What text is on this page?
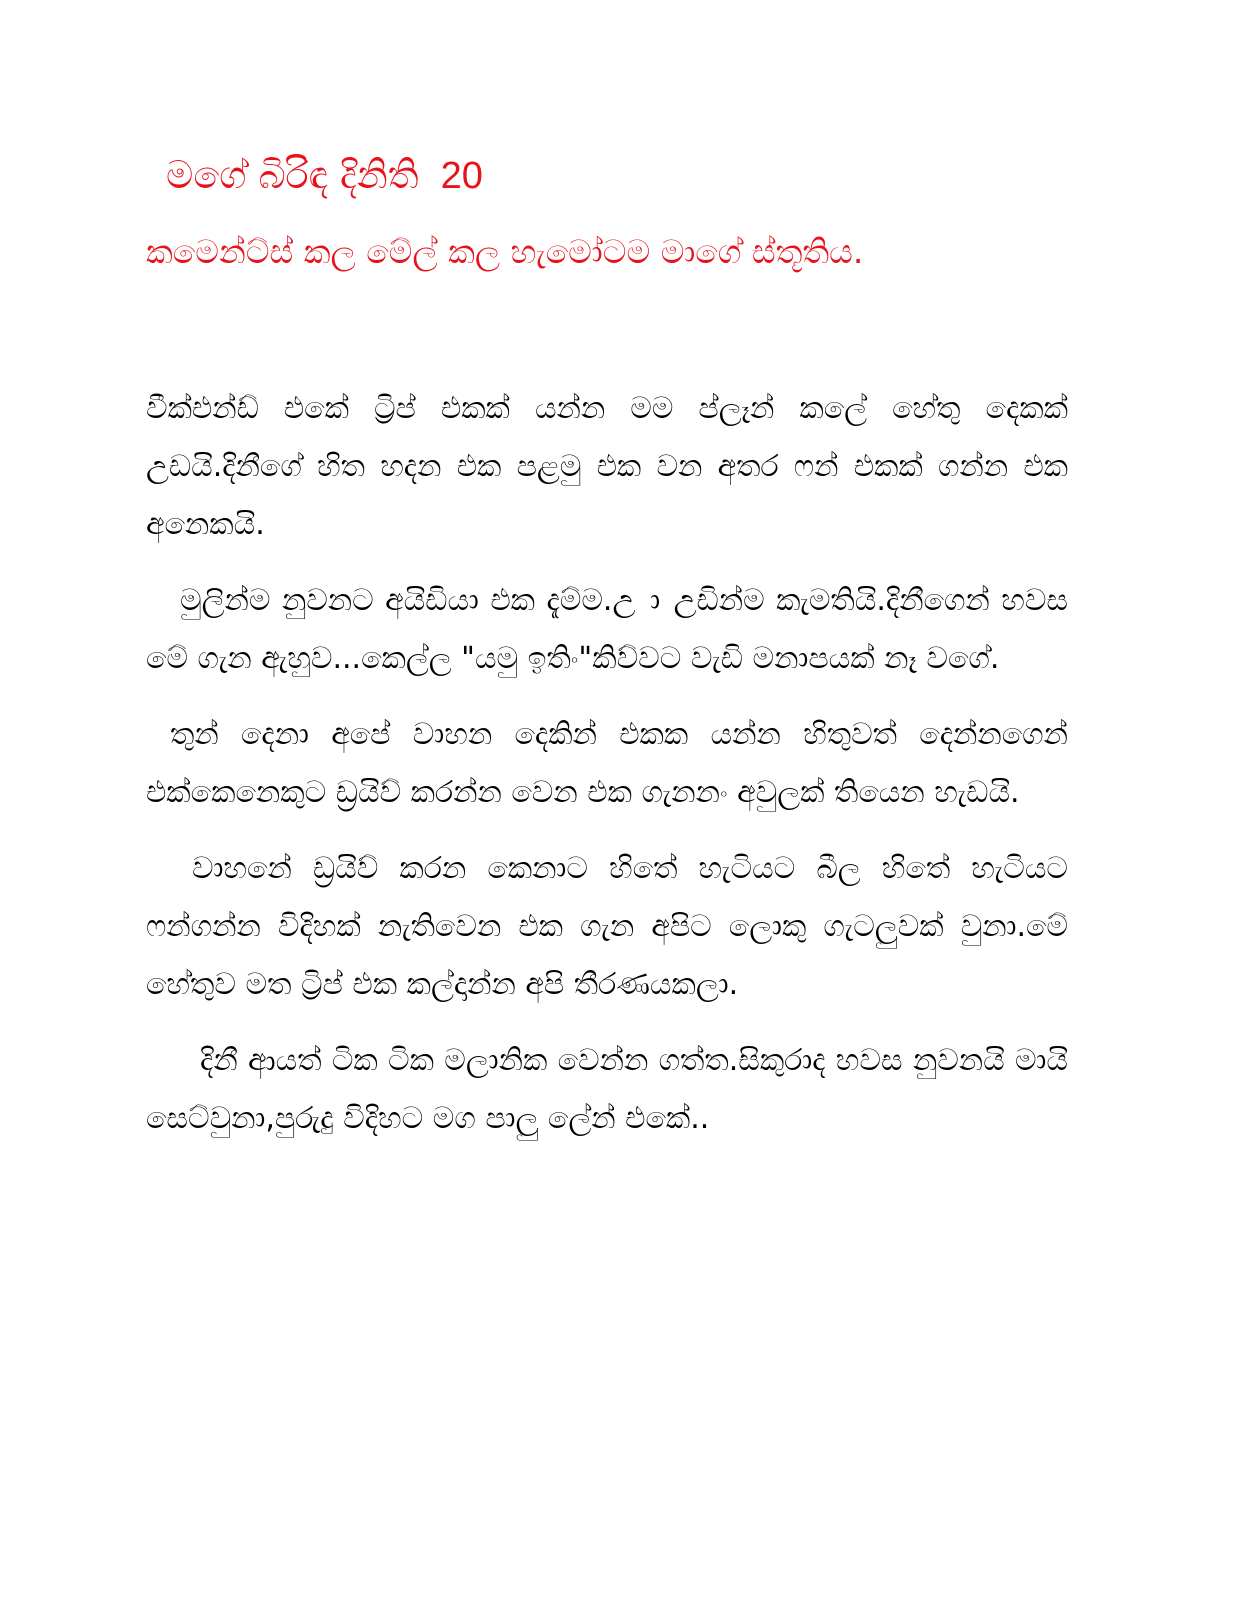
මගේ බිරිඳ දිනිති 20
කමෙන්ට්ස් කල මේල් කල හැමෝටම මාගේ ස්තූතිය.

වීක්එන්ඩ් එකේ ට්‍රිප් එකක් යන්න මම ප්ලෑන් කලේ හේතු දෙකක් උඩයි.දිනීගේ හිත හදන එක පළමු එක වන අතර ෆන් එකක් ගන්න එක අනෙකයි.

මුලින්ම නුවනට අයිඩියා එක දැම්ම.උ ා උඩින්ම කැමතියි.දිනීගෙන් හවස මේ ගැන ඇහුව...කෙල්ල "යමු ඉතිං"කිව්වට වැඩි මනාපයක් නෑ වගේ.

තුන් දෙනා අපේ වාහන දෙකින් එකක යන්න හිතුවත් දෙන්නගෙන් එක්කෙනෙකුට ඩ්‍රයිව් කරන්න වෙන එක ගැනනං අවුලක් තියෙන හැඩයි.

වාහනේ ඩ්‍රයිව් කරන කෙනාට හිතේ හැටියට බීල හිතේ හැටියට ෆන්ගන්න විදිහක් නැතිවෙන එක ගැන අපිට ලොකු ගැටලුවක් වුනා.මේ හේතුව මත ට්‍රිප් එක කල්දාන්න අපි තීරණයකලා.

දිනී ආයත් ටික ටික මලානික වෙන්න ගත්ත.සිකුරාද හවස නුවනයි මායි සෙට්වුනා,පුරුදු විදිහට මග පාලු ලේන් එකේ..
